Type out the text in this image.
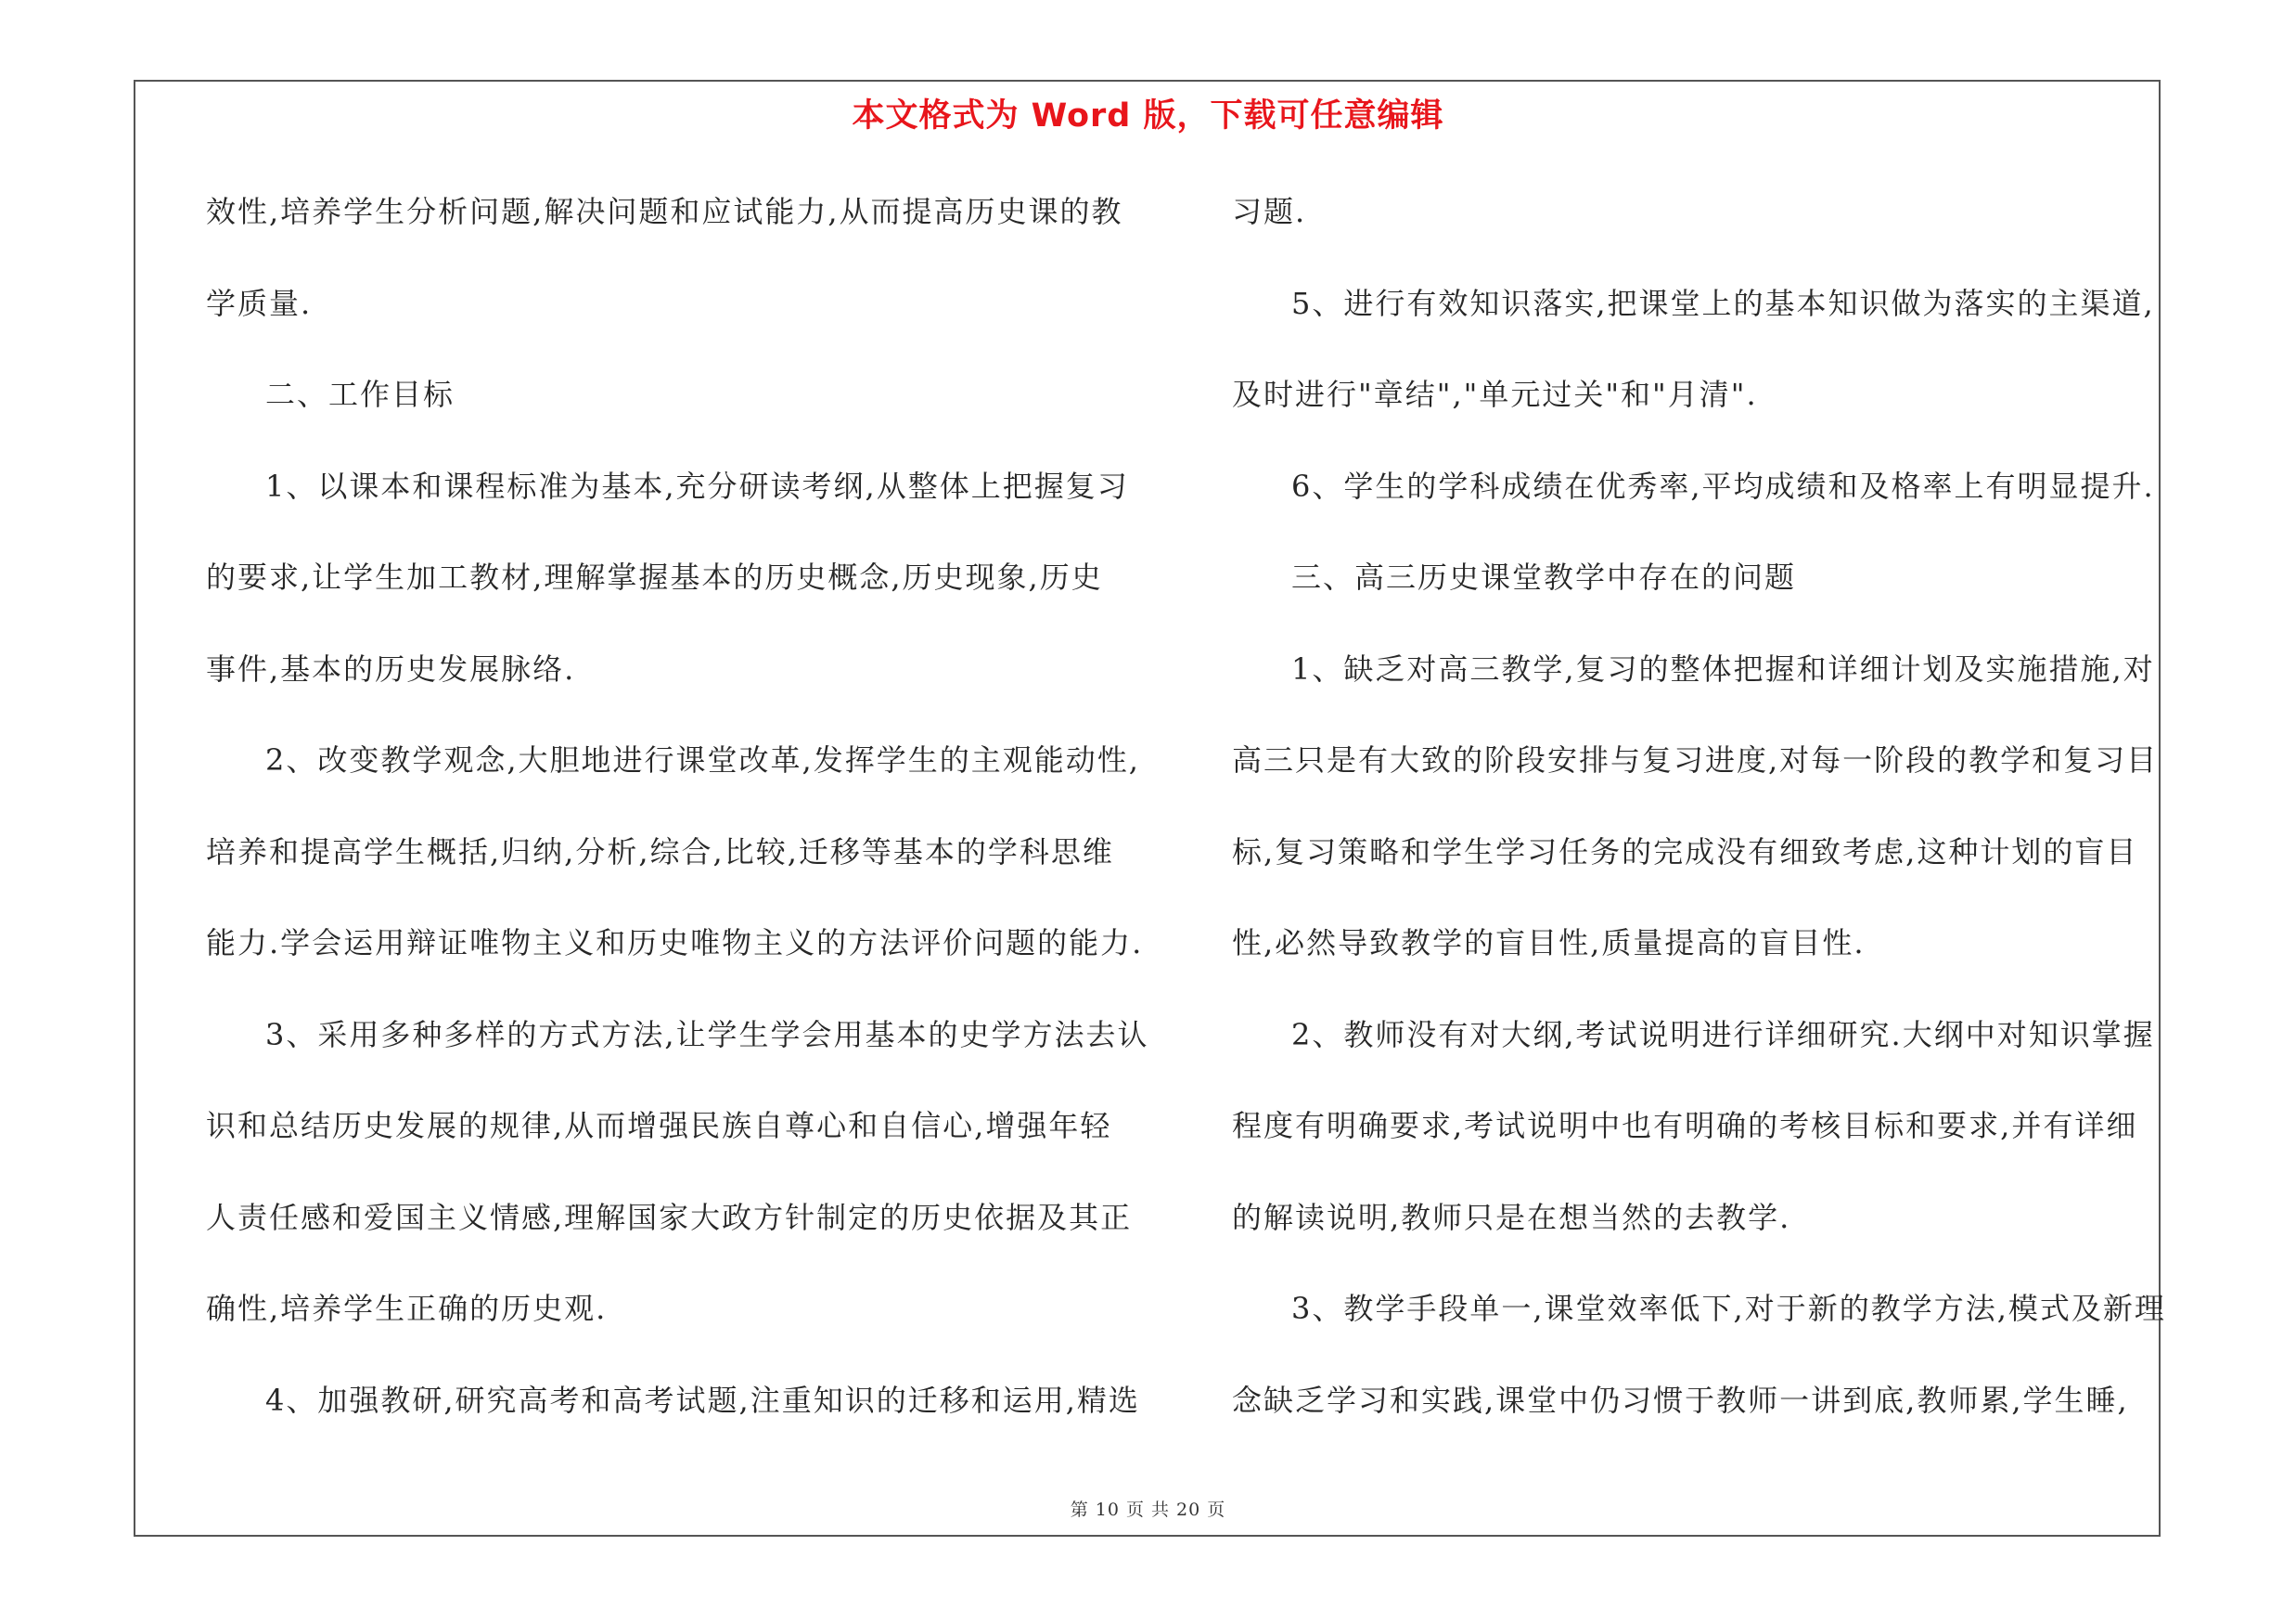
本文格式为 Word 版，下载可任意编辑
效性,培养学生分析问题,解决问题和应试能力,从而提高历史课的教
学质量.
二、工作目标
1、以课本和课程标准为基本,充分研读考纲,从整体上把握复习
的要求,让学生加工教材,理解掌握基本的历史概念,历史现象,历史
事件,基本的历史发展脉络.
2、改变教学观念,大胆地进行课堂改革,发挥学生的主观能动性,
培养和提高学生概括,归纳,分析,综合,比较,迁移等基本的学科思维
能力.学会运用辩证唯物主义和历史唯物主义的方法评价问题的能力.
3、采用多种多样的方式方法,让学生学会用基本的史学方法去认
识和总结历史发展的规律,从而增强民族自尊心和自信心,增强年轻
人责任感和爱国主义情感,理解国家大政方针制定的历史依据及其正
确性,培养学生正确的历史观.
4、加强教研,研究高考和高考试题,注重知识的迁移和运用,精选
习题.
5、进行有效知识落实,把课堂上的基本知识做为落实的主渠道,
及时进行"章结","单元过关"和"月清".
6、学生的学科成绩在优秀率,平均成绩和及格率上有明显提升.
三、高三历史课堂教学中存在的问题
1、缺乏对高三教学,复习的整体把握和详细计划及实施措施,对
高三只是有大致的阶段安排与复习进度,对每一阶段的教学和复习目
标,复习策略和学生学习任务的完成没有细致考虑,这种计划的盲目
性,必然导致教学的盲目性,质量提高的盲目性.
2、教师没有对大纲,考试说明进行详细研究.大纲中对知识掌握
程度有明确要求,考试说明中也有明确的考核目标和要求,并有详细
的解读说明,教师只是在想当然的去教学.
3、教学手段单一,课堂效率低下,对于新的教学方法,模式及新理
念缺乏学习和实践,课堂中仍习惯于教师一讲到底,教师累,学生睡,
第 10 页 共 20 页
